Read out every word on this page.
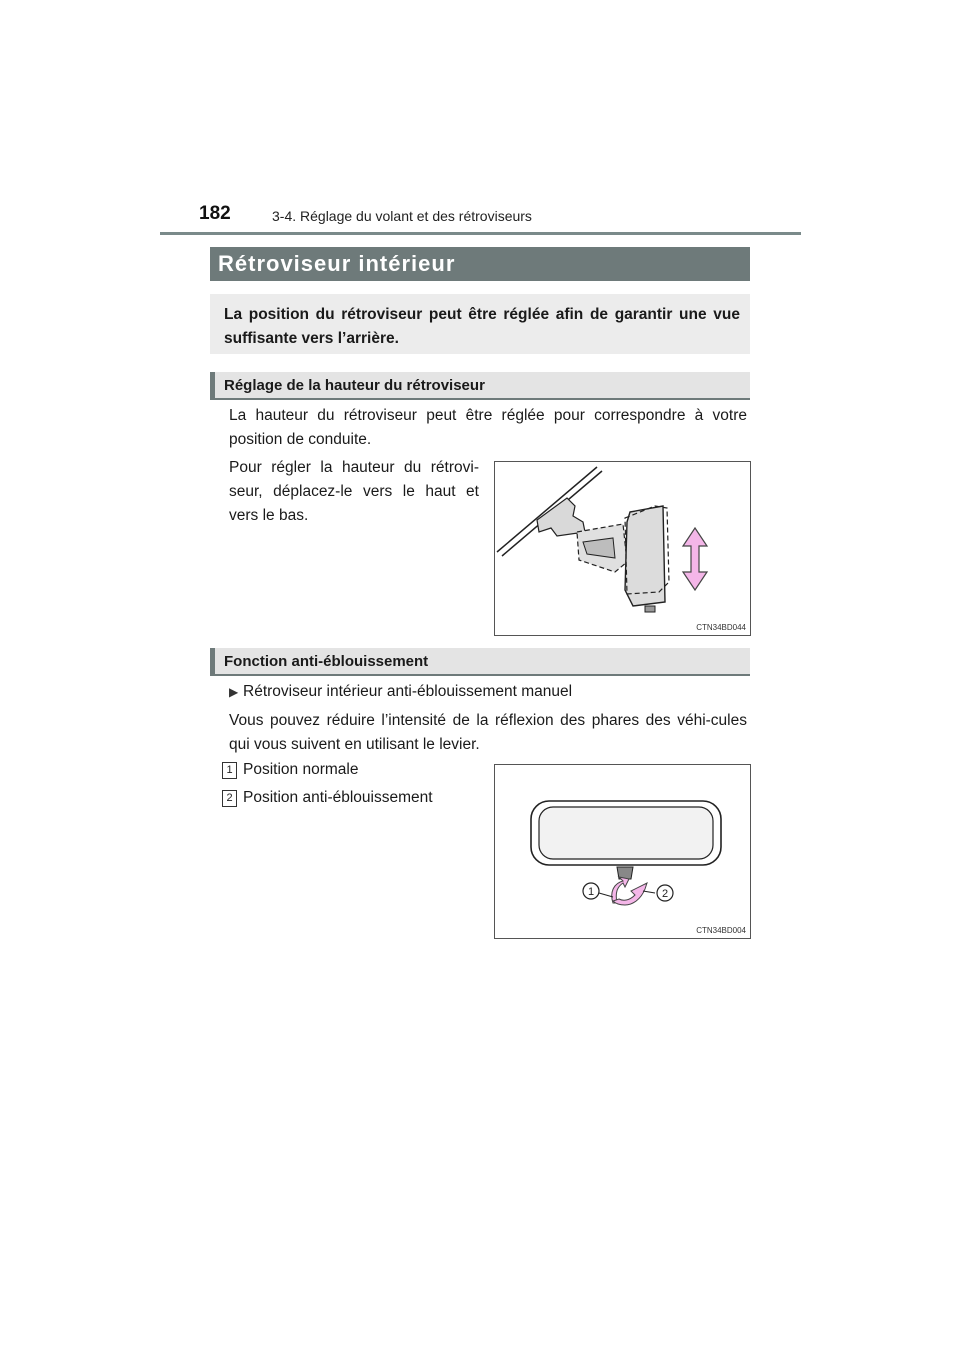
182	3-4. Réglage du volant et des rétroviseurs
Rétroviseur intérieur
La position du rétroviseur peut être réglée afin de garantir une vue suffisante vers l’arrière.
Réglage de la hauteur du rétroviseur
La hauteur du rétroviseur peut être réglée pour correspondre à votre position de conduite.
Pour régler la hauteur du rétrovi-seur, déplacez-le vers le haut et vers le bas.
CTN34BD044
Fonction anti-éblouissement
▶ Rétroviseur intérieur anti-éblouissement manuel
Vous pouvez réduire l’intensité de la réflexion des phares des véhi-cules qui vous suivent en utilisant le levier.
1 Position normale
2 Position anti-éblouissement
1	2
CTN34BD004
